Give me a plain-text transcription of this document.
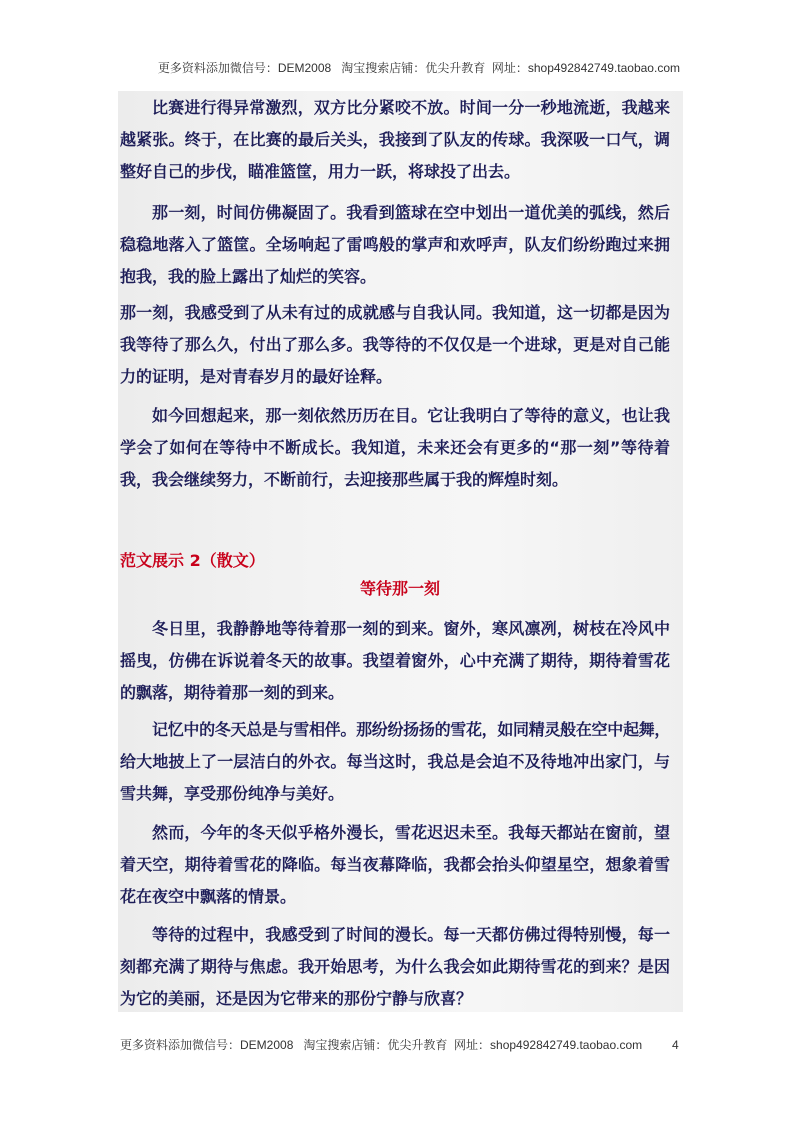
更多资料添加微信号：DEM2008   淘宝搜索店铺：优尖升教育  网址：shop492842749.taobao.com
比赛进行得异常激烈，双方比分紧咬不放。时间一分一秒地流逝，我越来
越紧张。终于，在比赛的最后关头，我接到了队友的传球。我深吸一口气，调
整好自己的步伐，瞄准篮筐，用力一跃，将球投了出去。
那一刻，时间仿佛凝固了。我看到篮球在空中划出一道优美的弧线，然后
稳稳地落入了篮筐。全场响起了雷鸣般的掌声和欢呼声，队友们纷纷跑过来拥
抱我，我的脸上露出了灿烂的笑容。
那一刻，我感受到了从未有过的成就感与自我认同。我知道，这一切都是因为
我等待了那么久，付出了那么多。我等待的不仅仅是一个进球，更是对自己能
力的证明，是对青春岁月的最好诠释。
如今回想起来，那一刻依然历历在目。它让我明白了等待的意义，也让我
学会了如何在等待中不断成长。我知道，未来还会有更多的“那一刻”等待着
我，我会继续努力，不断前行，去迎接那些属于我的辉煌时刻。
范文展示 2（散文）
等待那一刻
冬日里，我静静地等待着那一刻的到来。窗外，寒风凛冽，树枝在冷风中
摇曳，仿佛在诉说着冬天的故事。我望着窗外，心中充满了期待，期待着雪花
的飘落，期待着那一刻的到来。
记忆中的冬天总是与雪相伴。那纷纷扬扬的雪花，如同精灵般在空中起舞，
给大地披上了一层洁白的外衣。每当这时，我总是会迫不及待地冲出家门，与
雪共舞，享受那份纯净与美好。
然而，今年的冬天似乎格外漫长，雪花迟迟未至。我每天都站在窗前，望
着天空，期待着雪花的降临。每当夜幕降临，我都会抬头仰望星空，想象着雪
花在夜空中飘落的情景。
等待的过程中，我感受到了时间的漫长。每一天都仿佛过得特别慢，每一
刻都充满了期待与焦虑。我开始思考，为什么我会如此期待雪花的到来？是因
为它的美丽，还是因为它带来的那份宁静与欣喜？
更多资料添加微信号：DEM2008   淘宝搜索店铺：优尖升教育  网址：shop492842749.taobao.com 4
